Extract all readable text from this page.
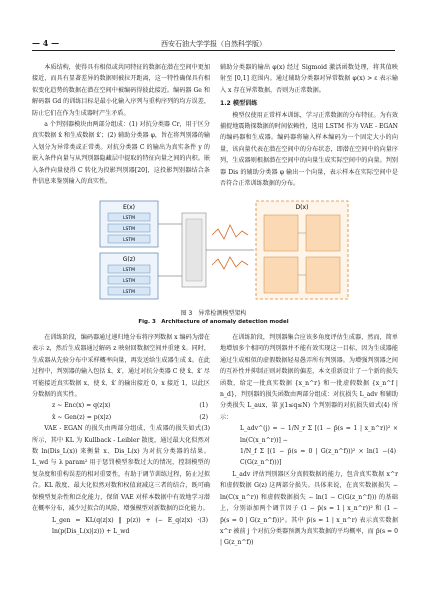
— 4 —	西安石油大学学报（自然科学版）

本质结构，使得具有相似或共同特征的数据在潜在空间中更加接近，而具有显著差异的数据则被拉开距离，这一特性确保具有相似变化趋势的数据在潜在空间中被编码得彼此接近。编码器 Ge 和解码器 Gd 的训练目标是最小化输入序列与重构序列的均方误差，防止它们在作为生成器时产生矛盾。

a 个判别器模块由两部分组成：(1) 对抗分类器 Cr，用于区分真实数据 x̂ 和生成数据 x̂′；(2) 辅助分类器 φ，旨在将判别器的输入划分为异常类或正常类。对抗分类器 C 的输出为真实条件 y 的嵌入条件向量与从判别器隐藏层中提取的特征向量之间的内积。嵌入条件向量使得 C 转化为投影判别器[20]，这投影判别器结合条件信息来鉴别输入的真实性。

辅助分类器的输出 φ(x) 经过 Sigmoid 激活函数处理，将其值映射至 [0,1] 范围内。通过辅助分类器对异常数据 φ(x) > ε 表示输入 x 存在异常数据，否则为正常数据。

1.2 模型训练

模型仅使用正常样本训练，学习正常数据的分布特征。为有效捕捉地震勘探数据的时间依赖性，选用 LSTM 作为 VAE - EGAN 的编码器和生成器。编码器将输入样本编码为一个固定大小的向量，该向量代表在潜在空间中的分布状态，即潜在空间中的向量序列，生成器则根据潜在空间中的向量生成实际空间中的向量。判别器 Dis 的辅助分类器 φ 输出一个向量，表示样本在实际空间中是否符合正常训练数据的分布。

E(x)
LSTM
LSTM
LSTM
G(z)
LSTM
LSTM
LSTM
D(x)
图 3　异常检测模型架构
Fig. 3　Architecture of anomaly detection model

在训练阶段，编码器通过递归地分布将序列数据 x 编码为潜在表示 z，然后生成器通过解码 z 映射回数据空间并重建 x̂。同时，生成器从先验分布中采样概率向量，再发送给生成器生成 x̂。在此过程中，判别器的输入包括 x̂、x̂′，通过对抗分类器 C 使 x̂、x̂′ 尽可能接近真实数据 x，使 x̂、x̂′ 的输出接近 0，x 接近 1，以此区分数据的真实性。

z ~ Enc(x) = q(z|x)	(1)
x̂ ~ Gen(z) = p(x|z)	(2)

VAE - EGAN 的损失由两部分组成，生成器的损失如式(3) 所示，其中 KL 为 Kullback - Leibler 散度，通过最大化似然对数 ln(Dis_L(x)) 来衡量 x、Dis_L(x) 为对抗分类器的结果。L_wd 与 λ param² 用于惩罚模型参数过大的情况，控制模型的复杂度和重构误差的相对重要性，有助于调节训练过程，防止过拟合。KL 散度、最大化似然对数和权值衰减这三者的结合，既可确保模型复杂性和泛化能力，保留 VAE 对样本数据中有效地学习潜在概率分布，减少过拟合的风险，增强模型对新数据的泛化能力。

L_gen = KL(q(z|x) ‖ p(z)) + (− E_q(z|x) · ln(p(Dis_L(x)|z))) + L_wd
(3)

在训练阶段，判别器集合应该多角度评估生成器，然而，简单地增加多个相同的判别器并不能有效实现这一目标，因为生成器能通过生成相似的虚假数据轻易愚弄所有判别器。为增强判别器之间的互补性并抑制正则对数据的偏差，本文重新设计了一个新的损失函数，给定一批真实数据 {x_n^r} 和一批虚假数据 {x_n^f | n_d}，判别器的损失函数由两部分组成：对抗损失 L_adv 和辅助分类损失 L_aux，第 j(1≤q≤N) 个判别器的对抗损失如式(4) 所示：

L_adv^(j) = − 1/N_r Σ [(1 − p̄(s = 1 | x_n^r))² × ln(C(x_n^r))] −
1/N_f Σ [(1 − p̄(s = 0 | G(z_n^f)))² × ln(1 − C(G(z_n^f)))]
(4)

L_adv 评估判别器区分真假数据的能力，包含真实数据 x^r 和虚假数据 G(z) 这两部分损失。具体来说，在真实数据损失 − ln(C(x_n^r)) 和虚假数据损失 − ln(1 − C(G(z_n^f))) 的基础上，分别添加两个调节因子 (1 − p̄(s = 1 | x_n^r))² 和 (1 − p̄(s = 0 | G(z_n^f)))²。其中 p̄(s = 1 | x_n^r) 表示真实数据 x^r 被前 j 个对抗分类器预测为真实数据的平均概率，而 p̄(s = 0 | G(z_n^f))
